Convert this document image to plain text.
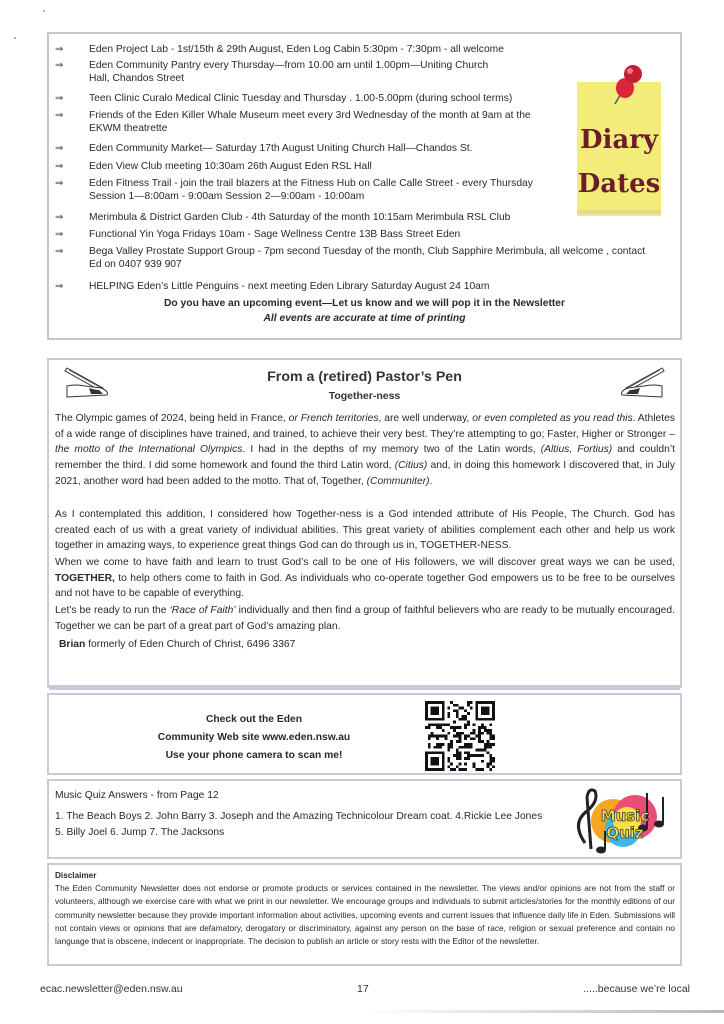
⇒	Eden Project Lab - 1st/15th & 29th August, Eden Log Cabin 5:30pm - 7:30pm - all welcome
⇒	Eden Community Pantry every Thursday—from 10.00 am until 1.00pm—Uniting Church Hall, Chandos Street
⇒	Teen Clinic Curalo Medical Clinic Tuesday and Thursday . 1.00-5.00pm (during school terms)
⇒	Friends of the Eden Killer Whale Museum meet every 3rd Wednesday of the month at 9am at the EKWM theatrette
⇒	Eden Community Market— Saturday 17th August Uniting Church Hall—Chandos St.
⇒	Eden View Club meeting 10:30am 26th August Eden RSL Hall
⇒	Eden Fitness Trail - join the trail blazers at the Fitness Hub on Calle Calle Street - every Thursday Session 1—8:00am - 9:00am Session 2—9:00am - 10:00am
⇒	Merimbula & District Garden Club - 4th Saturday of the month 10:15am Merimbula RSL Club
⇒	Functional Yin Yoga Fridays 10am - Sage Wellness Centre 13B Bass Street Eden
⇒	Bega Valley Prostate Support Group - 7pm second Tuesday of the month, Club Sapphire Merimbula, all welcome , contact Ed on 0407 939 907
⇒	HELPING Eden’s Little Penguins - next meeting Eden Library Saturday August 24 10am
Do you have an upcoming event—Let us know and we will pop it in the Newsletter
All events are accurate at time of printing
Diary
Dates
From a (retired) Pastor’s Pen
Together-ness

The Olympic games of 2024, being held in France, or French territories, are well underway, or even completed as you read this. Athletes of a wide range of disciplines have trained, and trained, to achieve their very best. They’re attempting to go; Faster, Higher or Stronger – the motto of the International Olympics. I had in the depths of my memory two of the Latin words, (Altius, Fortius) and couldn’t remember the third. I did some homework and found the third Latin word, (Citius) and, in doing this homework I discovered that, in July 2021, another word had been added to the motto. That of, Together, (Communiter).

As I contemplated this addition, I considered how Together-ness is a God intended attribute of His People, The Church. God has created each of us with a great variety of individual abilities. This great variety of abilities complement each other and help us work together in amazing ways, to experience great things God can do through us in, TOGETHER-NESS.

When we come to have faith and learn to trust God’s call to be one of His followers, we will discover great ways we can be used, TOGETHER, to help others come to faith in God. As individuals who co-operate together God empowers us to be free to be ourselves and not have to be capable of everything.

Let’s be ready to run the ‘Race of Faith’ individually and then find a group of faithful believers who are ready to be mutually encouraged. Together we can be part of a great part of God’s amazing plan.

Brian formerly of Eden Church of Christ, 6496 3367

Check out the Eden
Community Web site www.eden.nsw.au
Use your phone camera to scan me!
Music Quiz Answers - from Page 12
1. The Beach Boys 2. John Barry 3. Joseph and the Amazing Technicolour Dream coat. 4.Rickie Lee Jones
5. Billy Joel 6. Jump 7. The Jacksons
Music
Quiz
Disclaimer
The Eden Community Newsletter does not endorse or promote products or services contained in the newsletter. The views and/or opinions are not from the staff or volunteers, although we exercise care with what we print in our newsletter. We encourage groups and individuals to submit articles/stories for the monthly editions of our community newsletter because they provide important information about activities, upcoming events and current issues that influence daily life in Eden. Submissions will not contain views or opinions that are defamatory, derogatory or discriminatory, against any person on the base of race, religion or sexual preference and contain no language that is obscene, indecent or inappropriate. The decision to publish an article or story rests with the Editor of the newsletter.
ecac.newsletter@eden.nsw.au	17	.....because we’re local
